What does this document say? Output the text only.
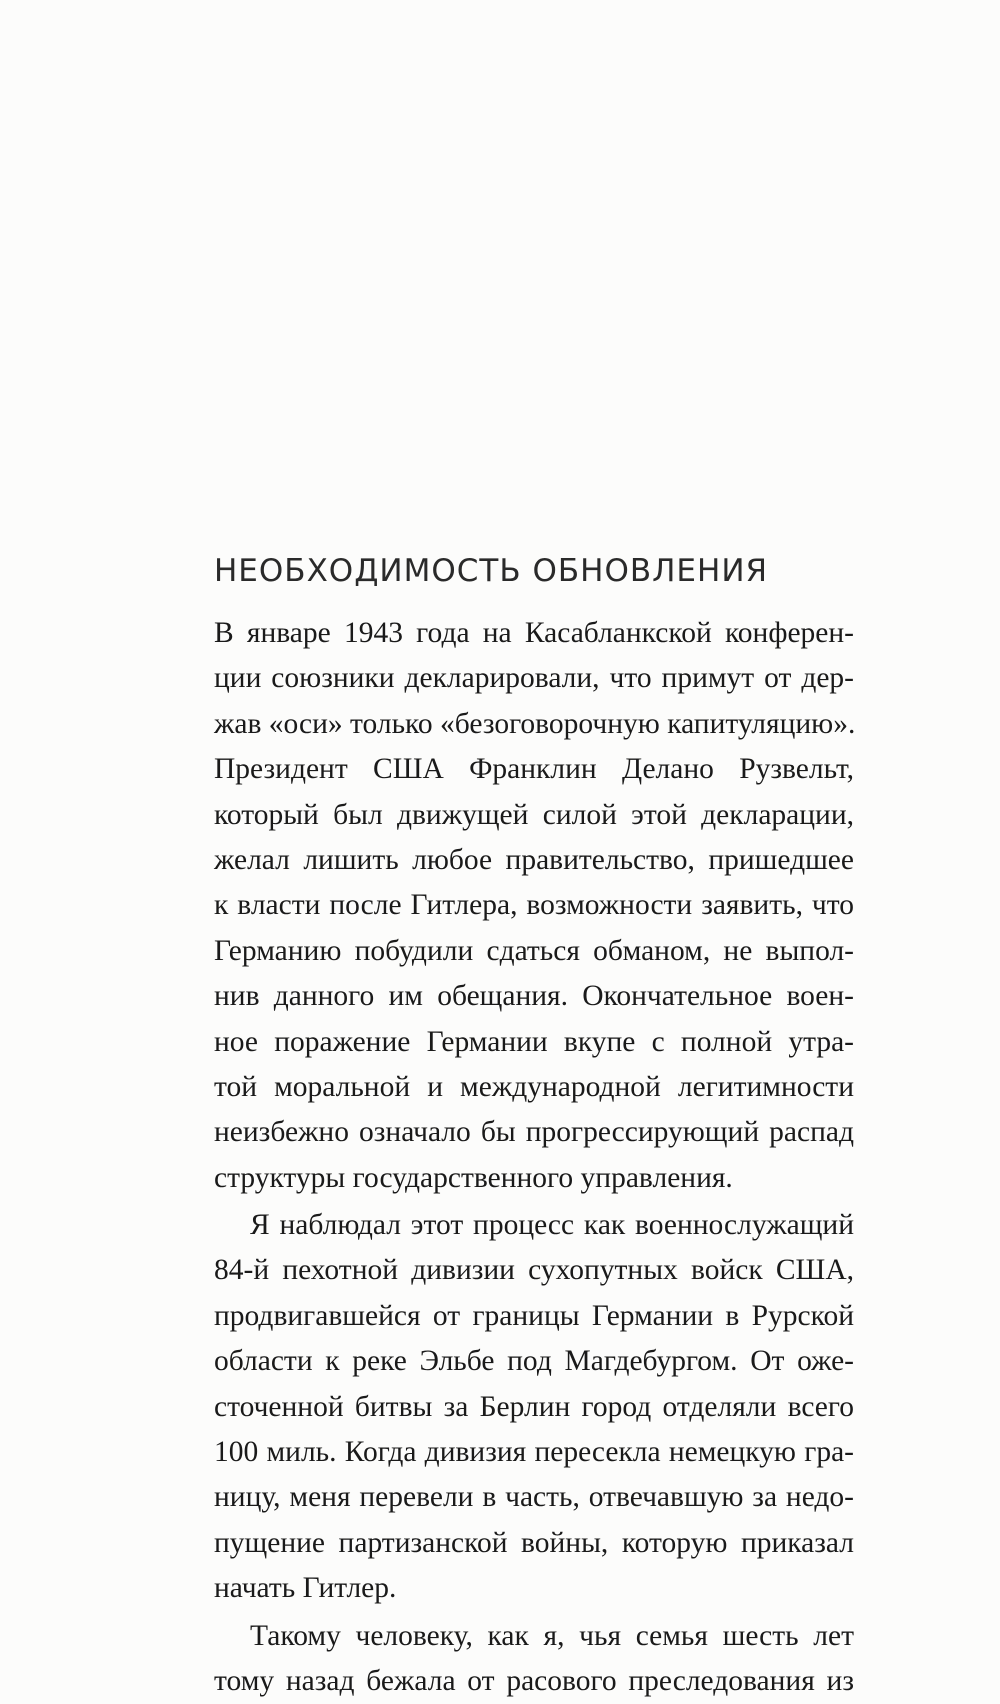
НЕОБХОДИМОСТЬ ОБНОВЛЕНИЯ
В январе 1943 года на Касабланкской конферен-
ции союзники декларировали, что примут от дер-
жав «оси» только «безоговорочную капитуляцию».
Президент США Франклин Делано Рузвельт,
который был движущей силой этой декларации,
желал лишить любое правительство, пришедшее
к власти после Гитлера, возможности заявить, что
Германию побудили сдаться обманом, не выпол-
нив данного им обещания. Окончательное воен-
ное поражение Германии вкупе с полной утра-
той моральной и международной легитимности
неизбежно означало бы прогрессирующий распад
структуры государственного управления.
Я наблюдал этот процесс как военнослужащий
84-й пехотной дивизии сухопутных войск США,
продвигавшейся от границы Германии в Рурской
области к реке Эльбе под Магдебургом. От оже-
сточенной битвы за Берлин город отделяли всего
100 миль. Когда дивизия пересекла немецкую гра-
ницу, меня перевели в часть, отвечавшую за недо-
пущение партизанской войны, которую приказал
начать Гитлер.
Такому человеку, как я, чья семья шесть лет
тому назад бежала от расового преследования из
